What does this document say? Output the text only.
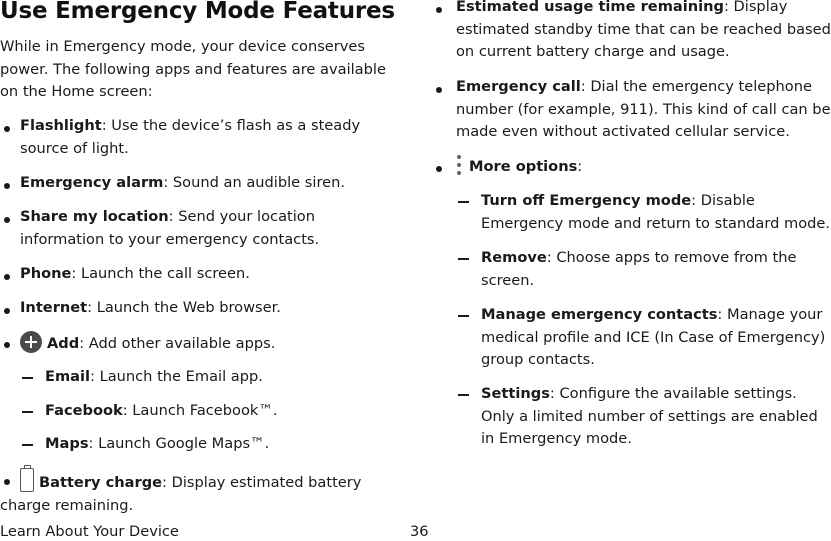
Use Emergency Mode Features

While in Emergency mode, your device conserves power. The following apps and features are available on the Home screen:

Flashlight: Use the device’s flash as a steady source of light.

Emergency alarm: Sound an audible siren.

Share my location: Send your location information to your emergency contacts.

Phone: Launch the call screen.

Internet: Launch the Web browser.

Add: Add other available apps.

Email: Launch the Email app.

Facebook: Launch Facebook™.

Maps: Launch Google Maps™.

Battery charge: Display estimated battery charge remaining.

Estimated usage time remaining: Display estimated standby time that can be reached based on current battery charge and usage.

Emergency call: Dial the emergency telephone number (for example, 911). This kind of call can be made even without activated cellular service.

More options:

Turn off Emergency mode: Disable Emergency mode and return to standard mode.

Remove: Choose apps to remove from the screen.

Manage emergency contacts: Manage your medical profile and ICE (In Case of Emergency) group contacts.

Settings: Configure the available settings. Only a limited number of settings are enabled in Emergency mode.

Learn About Your Device	36
